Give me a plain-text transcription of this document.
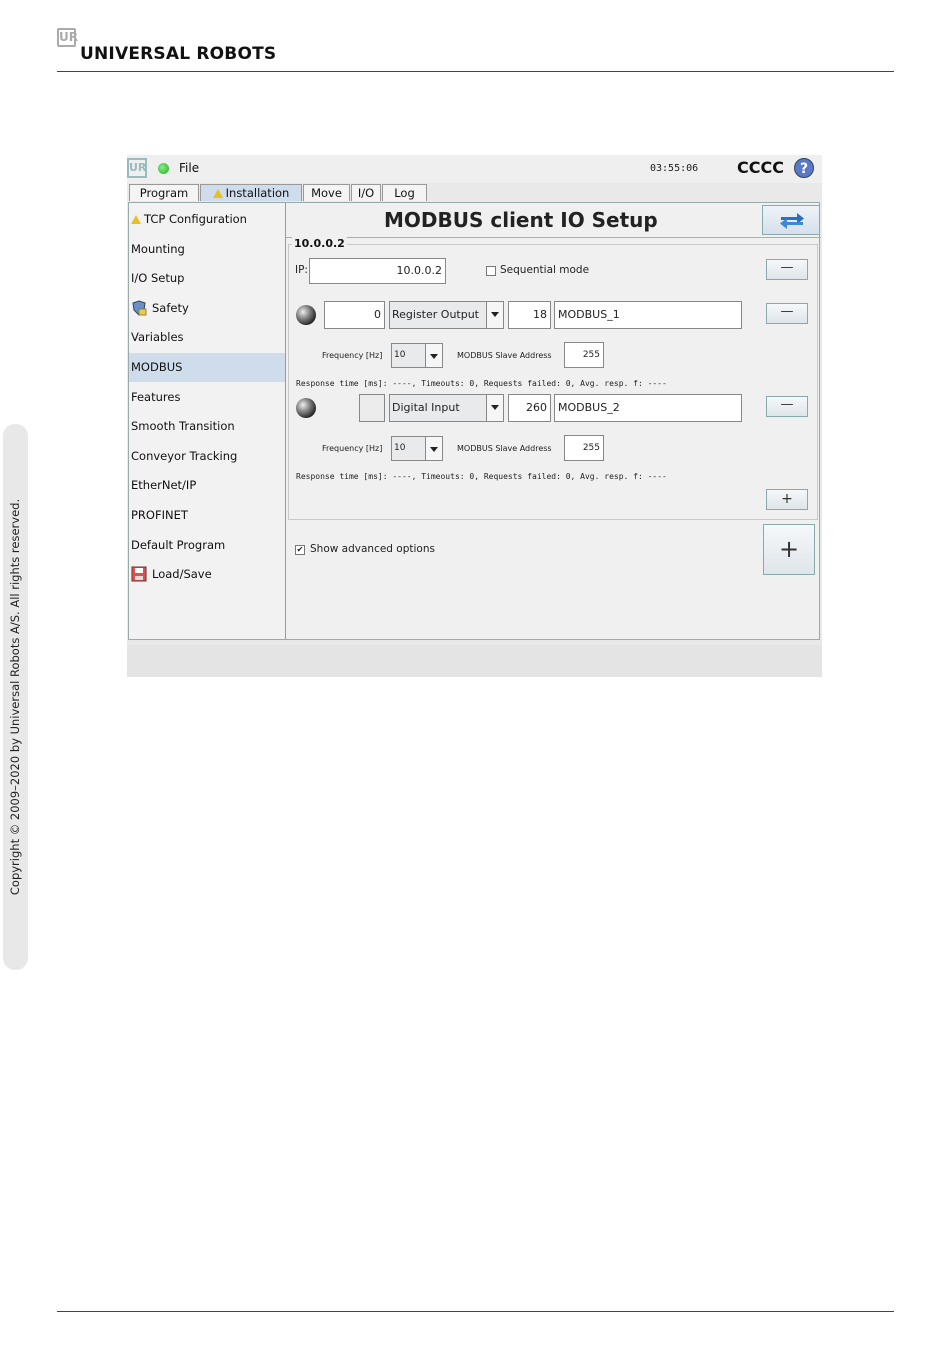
UR
UNIVERSAL ROBOTS
Copyright © 2009–2020 by Universal Robots A/S. All rights reserved.
UR	File	03:55:06 CCCC	?
Program	Installation	Move	I/O	Log
TCP Configuration
Mounting
I/O Setup
Safety
Variables
MODBUS
Features
Smooth Transition
Conveyor Tracking
EtherNet/IP
PROFINET
Default Program
Load/Save
MODBUS client IO Setup
10.0.0.2
IP:	10.0.0.2	Sequential mode	—
0	Register Output	18	MODBUS_1	—
Frequency [Hz]	10	MODBUS Slave Address	255
Response time [ms]: ----, Timeouts: 0, Requests failed: 0, Avg. resp. f: ----
Digital Input	260	MODBUS_2	—
Frequency [Hz]	10	MODBUS Slave Address	255
Response time [ms]: ----, Timeouts: 0, Requests failed: 0, Avg. resp. f: ----
+
✔ Show advanced options	+
